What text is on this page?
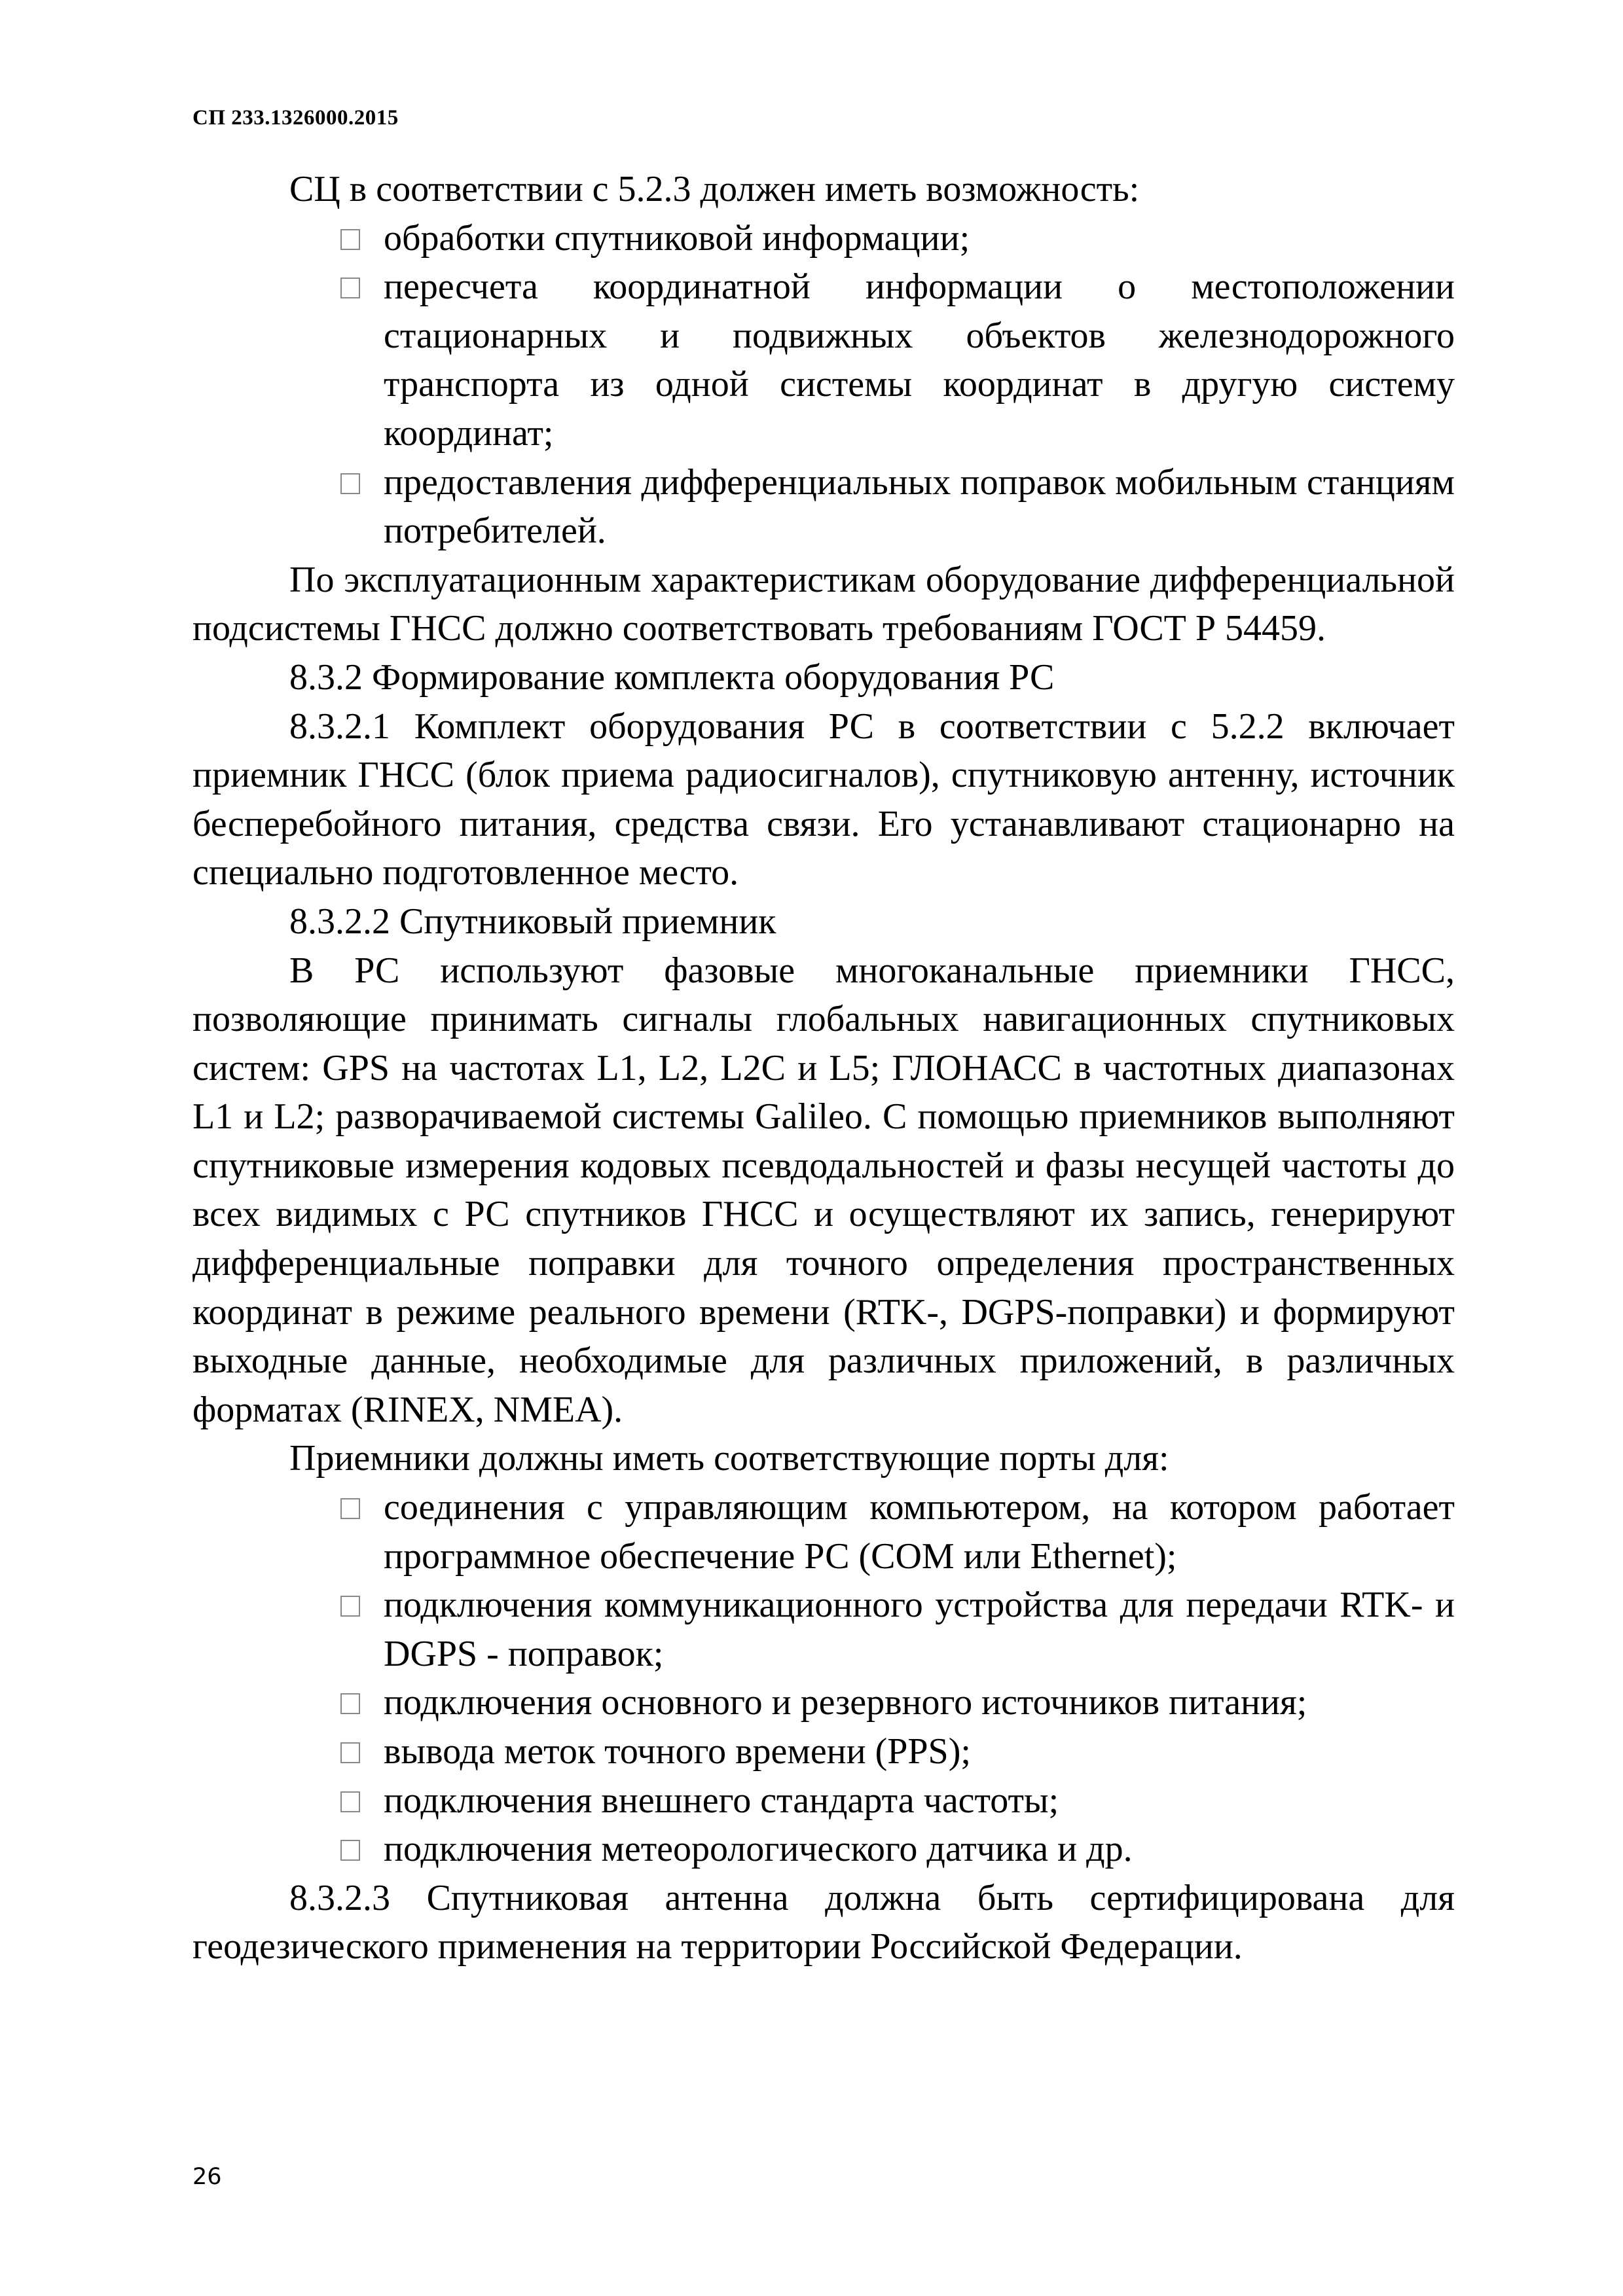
СП 233.1326000.2015

СЦ в соответствии с 5.2.3 должен иметь возможность:

обработки спутниковой информации;
пересчета координатной информации о местоположении стационарных и подвижных объектов железнодорожного транспорта из одной системы координат в другую систему координат;
предоставления дифференциальных поправок мобильным станциям потребителей.

По эксплуатационным характеристикам оборудование дифференциальной подсистемы ГНСС должно соответствовать требованиям ГОСТ Р 54459.

8.3.2 Формирование комплекта оборудования РС

8.3.2.1 Комплект оборудования РС в соответствии с 5.2.2 включает приемник ГНСС (блок приема радиосигналов), спутниковую антенну, источник бесперебойного питания, средства связи. Его устанавливают стационарно на специально подготовленное место.

8.3.2.2 Спутниковый приемник

В РС используют фазовые многоканальные приемники ГНСС, позволяющие принимать сигналы глобальных навигационных спутниковых систем: GPS на частотах L1, L2, L2C и L5; ГЛОНАСС в частотных диапазонах L1 и L2; разворачиваемой системы Galileo. С помощью приемников выполняют спутниковые измерения кодовых псевдодальностей и фазы несущей частоты до всех видимых с РС спутников ГНСС и осуществляют их запись, генерируют дифференциальные поправки для точного определения пространственных координат в режиме реального времени (RTK-, DGPS-поправки) и формируют выходные данные, необходимые для различных приложений, в различных форматах (RINEX, NMEA).

Приемники должны иметь соответствующие порты для:

соединения с управляющим компьютером, на котором работает программное обеспечение РС (COM или Ethernet);
подключения коммуникационного устройства для передачи RTK- и DGPS - поправок;
подключения основного и резервного источников питания;
вывода меток точного времени (PPS);
подключения внешнего стандарта частоты;
подключения метеорологического датчика и др.

8.3.2.3 Спутниковая антенна должна быть сертифицирована для геодезического применения на территории Российской Федерации.

26
